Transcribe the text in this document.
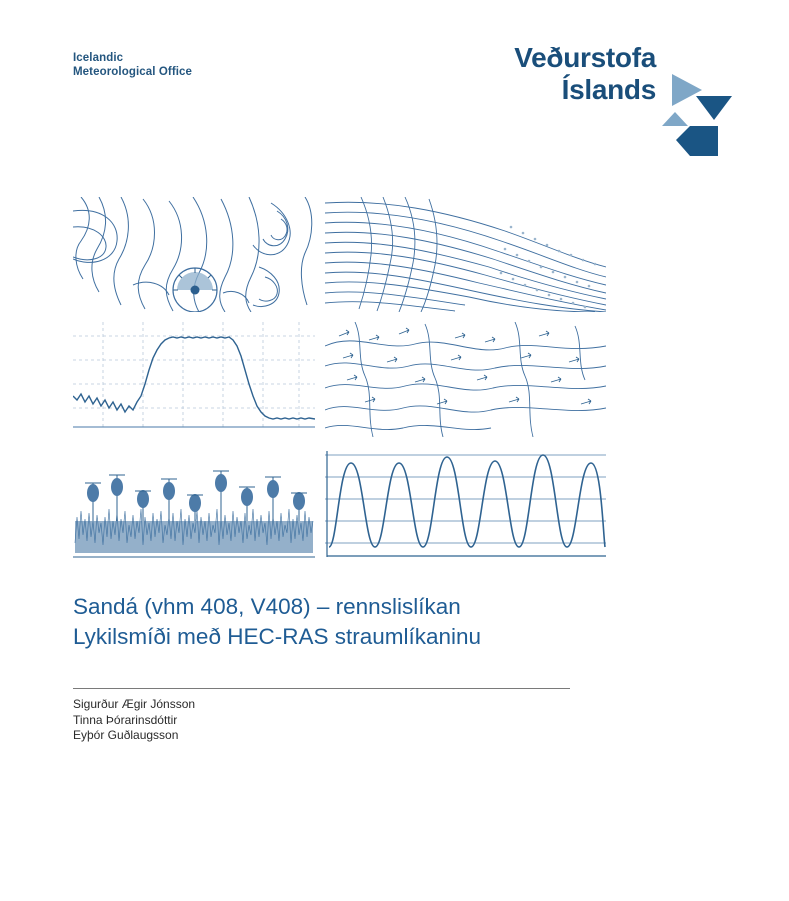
Icelandic
Meteorological Office	Veðurstofa
Íslands
Sandá (vhm 408, V408) – rennslislíkan
Lykilsmíði með HEC-RAS straumlíkaninu
Sigurður Ægir Jónsson
Tinna Þórarinsdóttir
Eyþór Guðlaugsson
